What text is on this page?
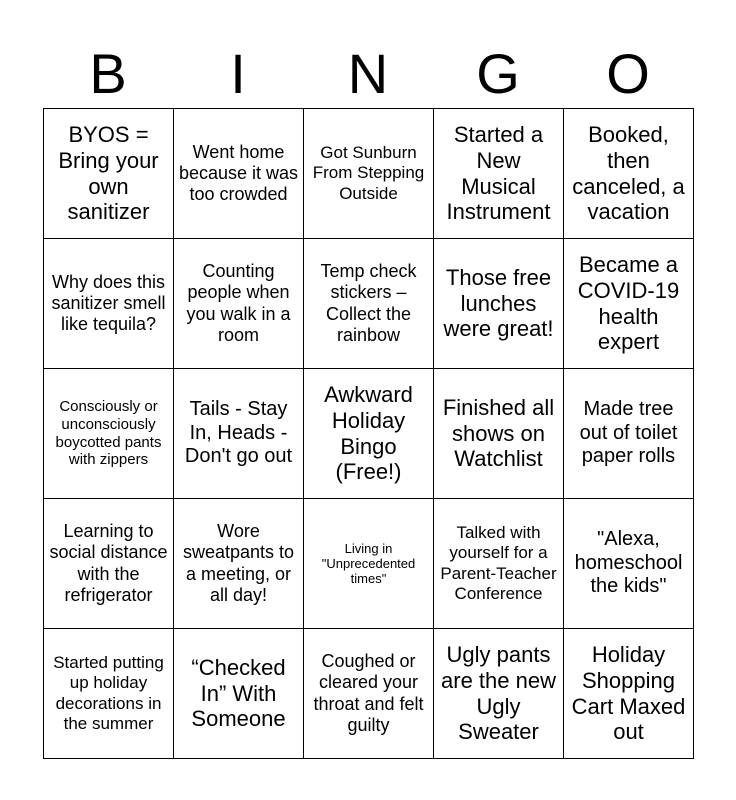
B	I	N	G	O
BYOS = Bring your own sanitizer	Went home because it was too crowded	Got Sunburn From Stepping Outside	Started a New Musical Instrument	Booked, then canceled, a vacation
Why does this sanitizer smell like tequila?	Counting people when you walk in a room	Temp check stickers – Collect the rainbow	Those free lunches were great!	Became a COVID-19 health expert
Consciously or unconsciously boycotted pants with zippers	Tails - Stay In, Heads - Don't go out	Awkward Holiday Bingo (Free!)	Finished all shows on Watchlist	Made tree out of toilet paper rolls
Learning to social distance with the refrigerator	Wore sweatpants to a meeting, or all day!	Living in "Unprecedented times"	Talked with yourself for a Parent-Teacher Conference	"Alexa, homeschool the kids"
Started putting up holiday decorations in the summer	“Checked In” With Someone	Coughed or cleared your throat and felt guilty	Ugly pants are the new Ugly Sweater	Holiday Shopping Cart Maxed out
